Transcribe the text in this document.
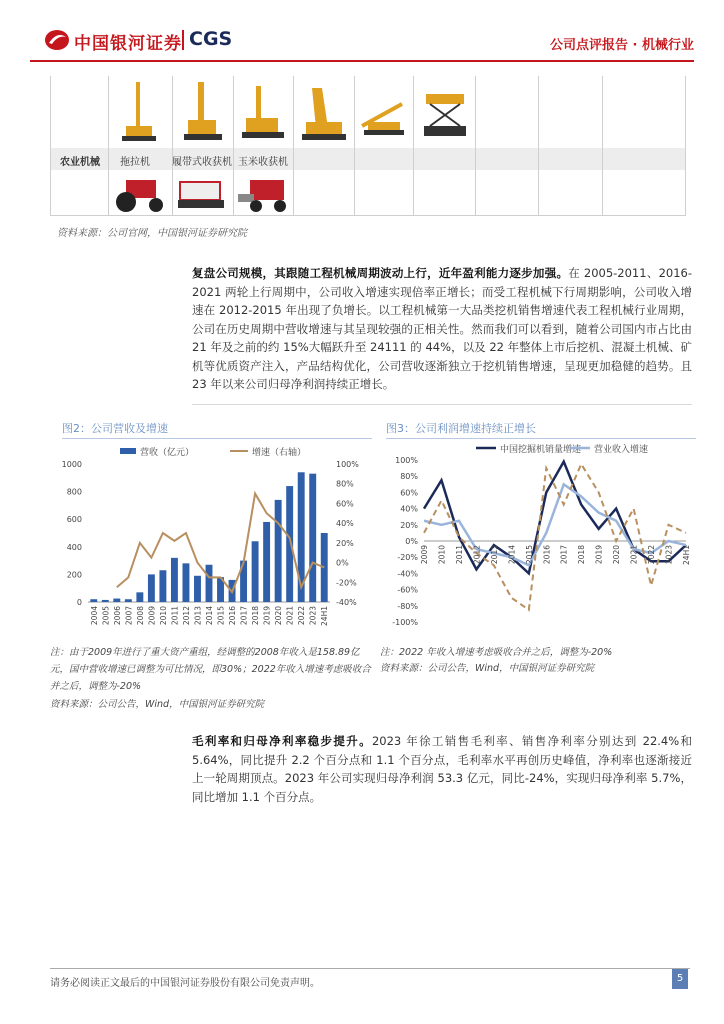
中国银河证券 CGS	公司点评报告 · 机械行业
农业机械 拖拉机 履带式收获机 玉米收获机
资料来源：公司官网，中国银河证券研究院
复盘公司规模，其跟随工程机械周期波动上行，近年盈利能力逐步加强。在 2005-2011、2016-2021 两轮上行周期中，公司收入增速实现倍率正增长；而受工程机械下行周期影响，公司收入增速在 2012-2015 年出现了负增长。以工程机械第一大品类挖机销售增速代表工程机械行业周期，公司在历史周期中营收增速与其呈现较强的正相关性。然而我们可以看到，随着公司国内市占比由 21 年及之前的约 15%大幅跃升至 24111 的 44%，以及 22 年整体上市后挖机、混凝土机械、矿机等优质资产注入，产品结构优化，公司营收逐渐独立于挖机销售增速，呈现更加稳健的趋势。且 23 年以来公司归母净利润持续正增长。
图2：公司营收及增速
营收（亿元）	增速（右轴）
0
200
400
600
800
1000
-40%
-20%
0%
20%
40%
60%
80%
100%
2004 2005 2006 2007 2008 2009 2010 2011 2012 2013 2014 2015 2016 2017 2018 2019 2020 2021 2022 2023 24H1
图3：公司利润增速持续正增长
中国挖掘机销量增速 营业收入增速
100%
80%
60%
40%
20%
0%
-20%
-40%
-60%
-80%
-100%
2009 2010 2011 2012 2013 2014 2015 2016 2017 2018 2019 2020 2021 2022 2023 24H1
注：由于2009年进行了重大资产重组，经调整的2008年收入是158.89亿元，国中营收增速已调整为可比情况，即30%；2022年收入增速考虑吸收合并之后，调整为-20%
资料来源：公司公告，Wind，中国银河证券研究院
注：2022 年收入增速考虑吸收合并之后，调整为-20%
资料来源：公司公告，Wind，中国银河证券研究院
毛利率和归母净利率稳步提升。2023 年徐工销售毛利率、销售净利率分别达到 22.4%和 5.64%，同比提升 2.2 个百分点和 1.1 个百分点，毛利率水平再创历史峰值，净利率也逐渐接近上一轮周期顶点。2023 年公司实现归母净利润 53.3 亿元，同比-24%，实现归母净利率 5.7%，同比增加 1.1 个百分点。
请务必阅读正文最后的中国银河证券股份有限公司免责声明。	5
